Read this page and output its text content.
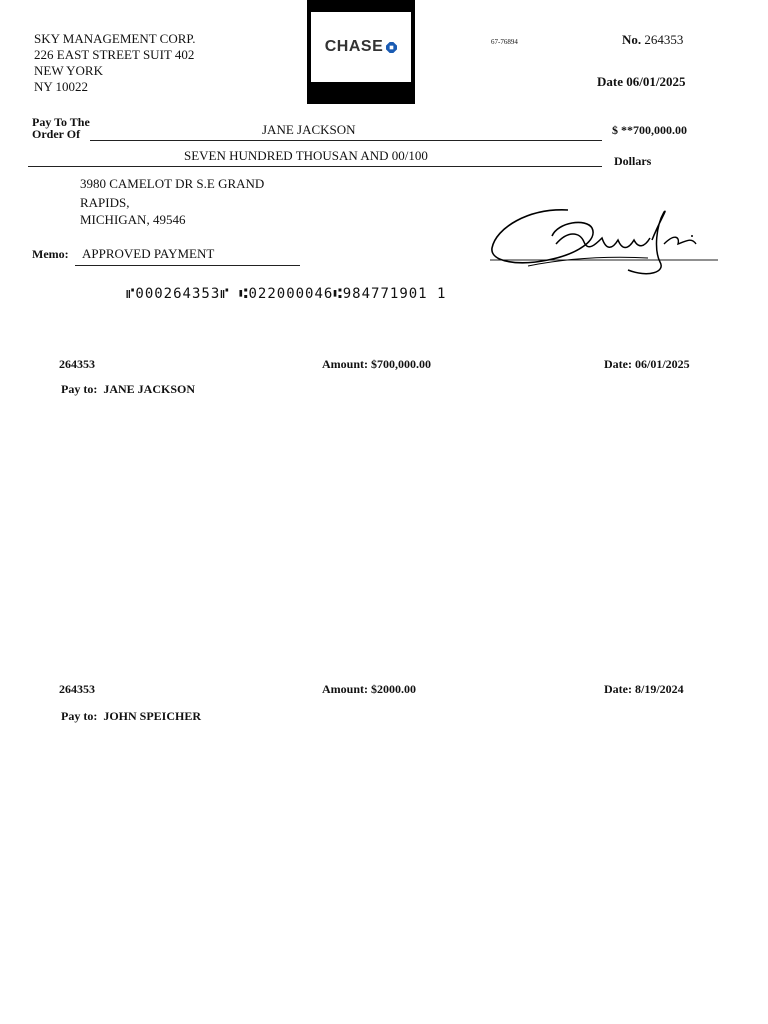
SKY MANAGEMENT CORP.
226 EAST STREET SUIT 402
NEW YORK
NY 10022
CHASE	67-76894	No. 264353
Date 06/01/2025
Pay To The
Order Of	JANE JACKSON	$ **700,000.00
SEVEN HUNDRED THOUSAN AND 00/100	Dollars
3980 CAMELOT DR S.E GRAND
RAPIDS,
MICHIGAN, 49546
Memo: APPROVED PAYMENT
⑈000264353⑈ ⑆022000046⑆984771901 1
264353	Amount: $700,000.00	Date: 06/01/2025
Pay to: JANE JACKSON
264353	Amount: $2000.00	Date: 8/19/2024
Pay to: JOHN SPEICHER
